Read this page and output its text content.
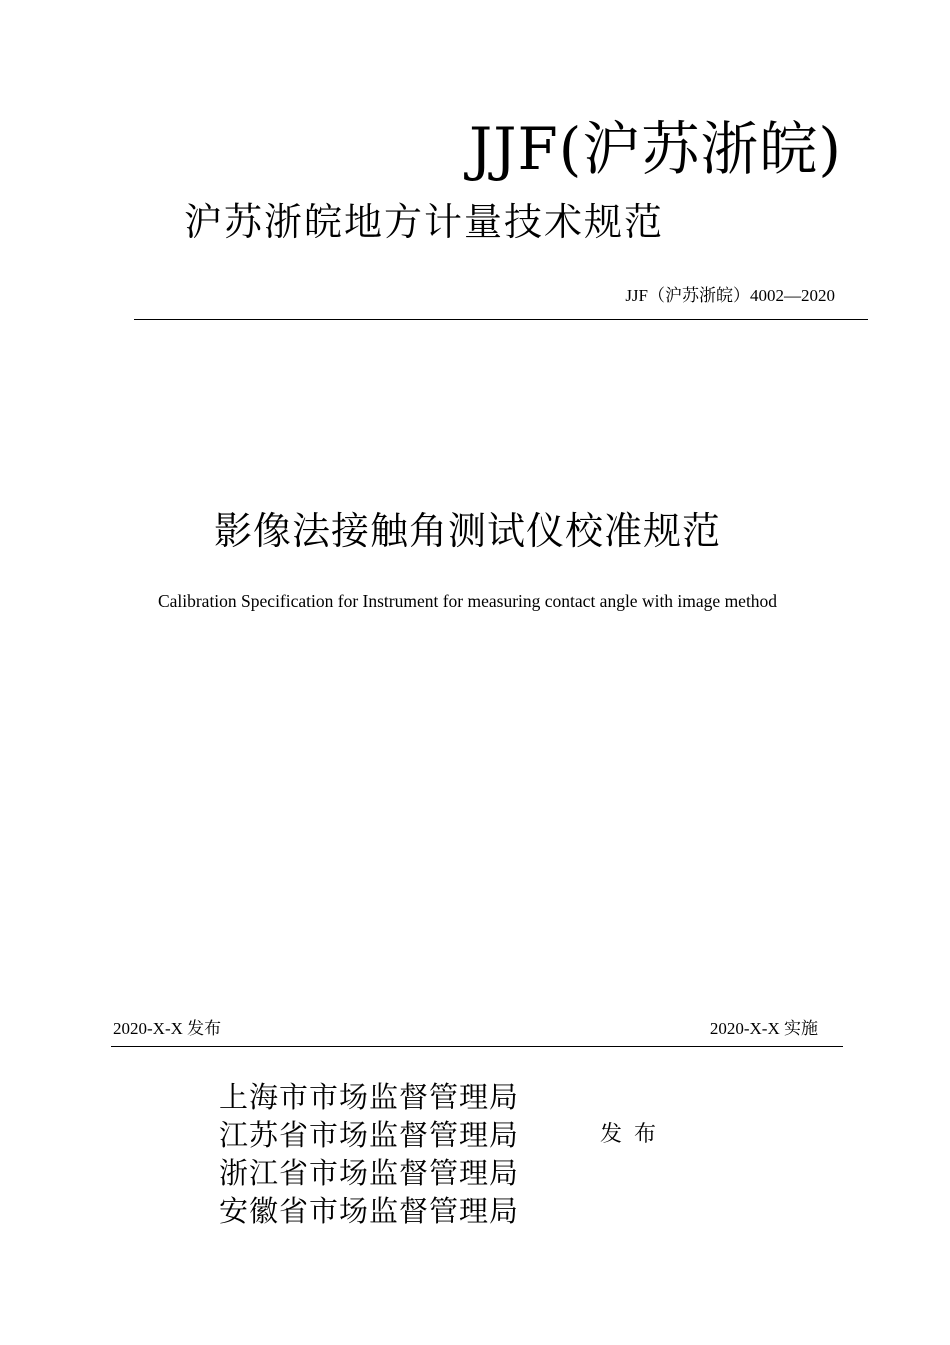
JJF(沪苏浙皖)
沪苏浙皖地方计量技术规范
JJF（沪苏浙皖）4002—2020
影像法接触角测试仪校准规范
Calibration Specification for Instrument for measuring contact angle with image method
2020-X-X 发布	2020-X-X 实施
上海市市场监督管理局
江苏省市场监督管理局
浙江省市场监督管理局
安徽省市场监督管理局
发布
